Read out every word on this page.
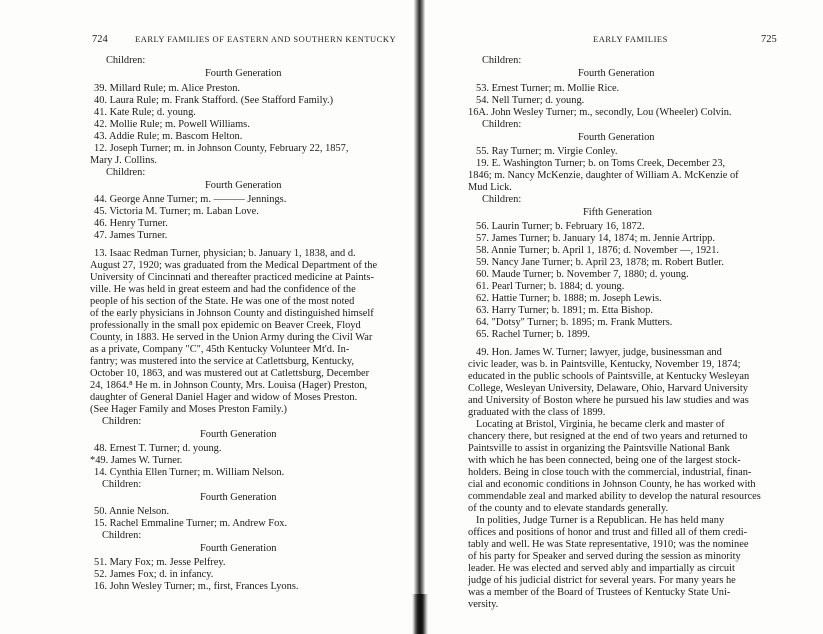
724	EARLY FAMILIES OF EASTERN AND SOUTHERN KENTUCKY	EARLY FAMILIES	725
Children:
Fourth Generation
39. Millard Rule; m. Alice Preston.
40. Laura Rule; m. Frank Stafford. (See Stafford Family.)
41. Kate Rule; d. young.
42. Mollie Rule; m. Powell Williams.
43. Addie Rule; m. Bascom Helton.
12. Joseph Turner; m. in Johnson County, February 22, 1857,
Mary J. Collins.
Children:
Fourth Generation
44. George Anne Turner; m. ——— Jennings.
45. Victoria M. Turner; m. Laban Love.
46. Henry Turner.
47. James Turner.
13. Isaac Redman Turner, physician; b. January 1, 1838, and d.
August 27, 1920; was graduated from the Medical Department of the
University of Cincinnati and thereafter practiced medicine at Paints-
ville. He was held in great esteem and had the confidence of the
people of his section of the State. He was one of the most noted
of the early physicians in Johnson County and distinguished himself
professionally in the small pox epidemic on Beaver Creek, Floyd
County, in 1883. He served in the Union Army during the Civil War
as a private, Company "C", 45th Kentucky Volunteer Mt'd. In-
fantry; was mustered into the service at Catlettsburg, Kentucky,
October 10, 1863, and was mustered out at Catlettsburg, December
24, 1864.⁸ He m. in Johnson County, Mrs. Louisa (Hager) Preston,
daughter of General Daniel Hager and widow of Moses Preston.
(See Hager Family and Moses Preston Family.)
Children:
Fourth Generation
48. Ernest T. Turner; d. young.
*49. James W. Turner.
14. Cynthia Ellen Turner; m. William Nelson.
Children:
Fourth Generation
50. Annie Nelson.
15. Rachel Emmaline Turner; m. Andrew Fox.
Children:
Fourth Generation
51. Mary Fox; m. Jesse Pelfrey.
52. James Fox; d. in infancy.
16. John Wesley Turner; m., first, Frances Lyons.
Children:
Fourth Generation
53. Ernest Turner; m. Mollie Rice.
54. Nell Turner; d. young.
16A. John Wesley Turner; m., secondly, Lou (Wheeler) Colvin.
Children:
Fourth Generation
55. Ray Turner; m. Virgie Conley.
19. E. Washington Turner; b. on Toms Creek, December 23,
1846; m. Nancy McKenzie, daughter of William A. McKenzie of
Mud Lick.
Children:
Fifth Generation
56. Laurin Turner; b. February 16, 1872.
57. James Turner; b. January 14, 1874; m. Jennie Artripp.
58. Annie Turner; b. April 1, 1876; d. November —, 1921.
59. Nancy Jane Turner; b. April 23, 1878; m. Robert Butler.
60. Maude Turner; b. November 7, 1880; d. young.
61. Pearl Turner; b. 1884; d. young.
62. Hattie Turner; b. 1888; m. Joseph Lewis.
63. Harry Turner; b. 1891; m. Etta Bishop.
64. "Dotsy" Turner; b. 1895; m. Frank Mutters.
65. Rachel Turner; b. 1899.
49. Hon. James W. Turner; lawyer, judge, businessman and
civic leader, was b. in Paintsville, Kentucky, November 19, 1874;
educated in the public schools of Paintsville, at Kentucky Wesleyan
College, Wesleyan University, Delaware, Ohio, Harvard University
and University of Boston where he pursued his law studies and was
graduated with the class of 1899.
Locating at Bristol, Virginia, he became clerk and master of
chancery there, but resigned at the end of two years and returned to
Paintsville to assist in organizing the Paintsville National Bank
with which he has been connected, being one of the largest stock-
holders. Being in close touch with the commercial, industrial, finan-
cial and economic conditions in Johnson County, he has worked with
commendable zeal and marked ability to develop the natural resources
of the county and to elevate standards generally.
In polities, Judge Turner is a Republican. He has held many
offices and positions of honor and trust and filled all of them credi-
tably and well. He was State representative, 1910; was the nominee
of his party for Speaker and served during the session as minority
leader. He was elected and served ably and impartially as circuit
judge of his judicial district for several years. For many years he
was a member of the Board of Trustees of Kentucky State Uni-
versity.
